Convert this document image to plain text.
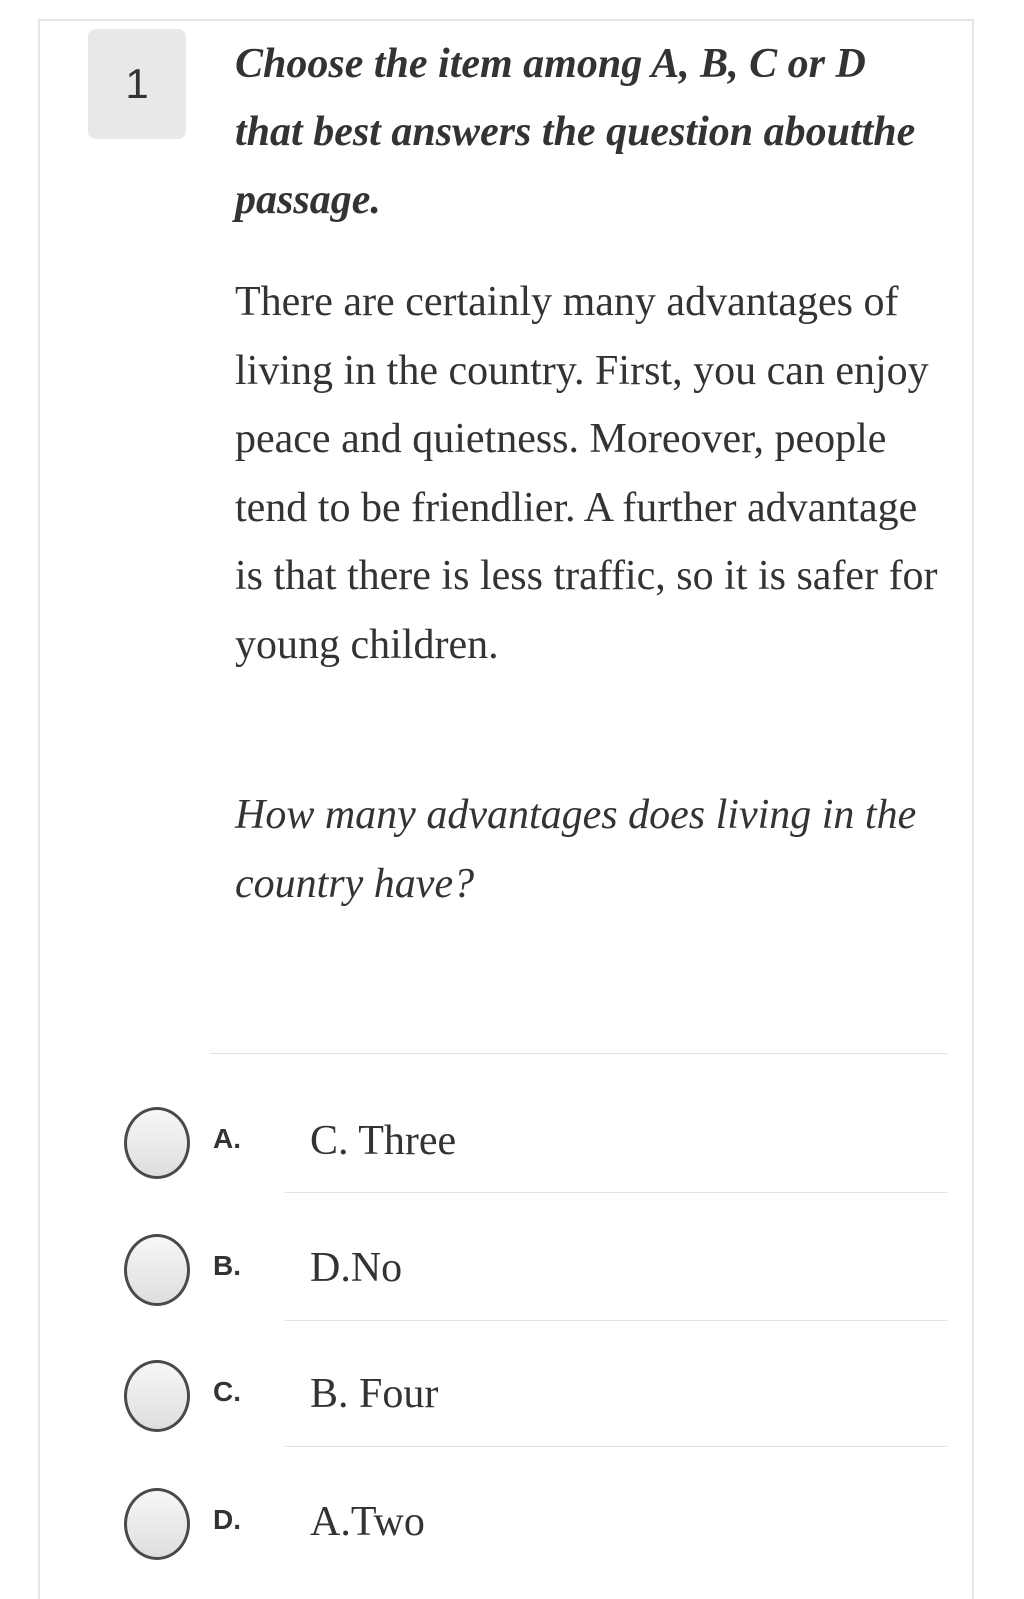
1	Choose the item among A, B, C or D that best answers the question aboutthe passage.

There are certainly many advantages of living in the country. First, you can enjoy peace and quietness. Moreover, people tend to be friendlier. A further advantage is that there is less traffic, so it is safer for young children.

How many advantages does living in the country have?

A. C. Three
B. D.No
C. B. Four
D. A.Two
